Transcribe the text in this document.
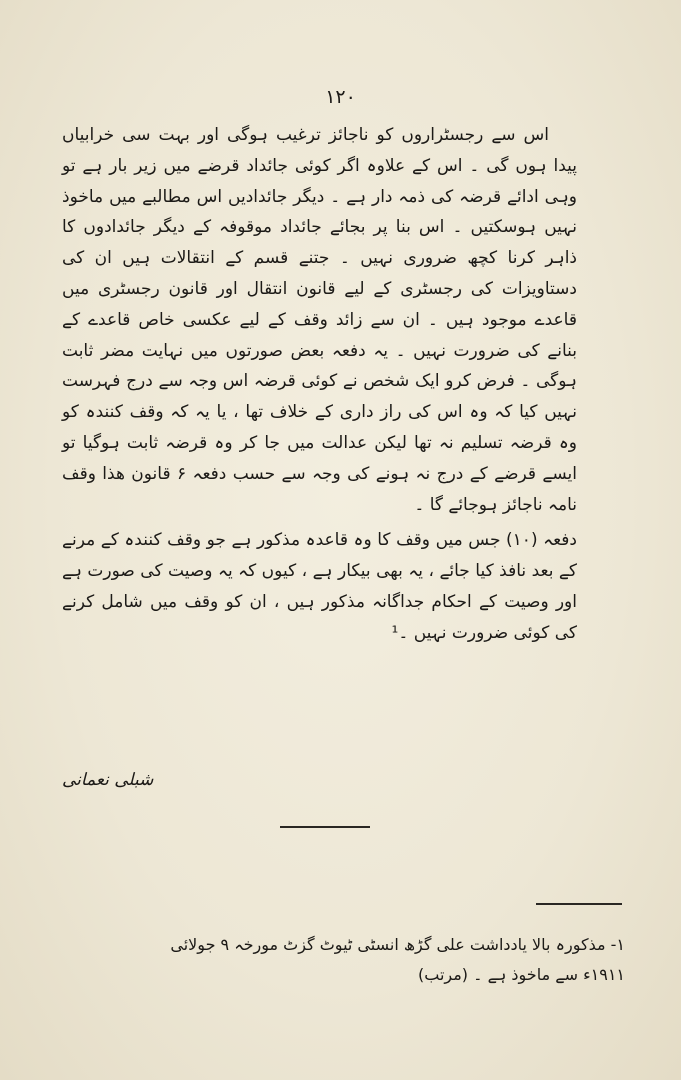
۱۲۰

اس سے رجسٹراروں کو ناجائز ترغیب ہوگی اور بہت سی خرابیاں پیدا ہوں گی ۔ اس کے علاوہ اگر کوئی جائداد قرضے میں زیر بار ہے تو وہی ادائے قرضہ کی ذمہ دار ہے ۔ دیگر جائدادیں اس مطالبے میں ماخوذ نہیں ہوسکتیں ۔ اس بنا پر بجائے جائداد موقوفہ کے دیگر جائدادوں کا ذاہر کرنا کچھ ضروری نہیں ۔ جتنے قسم کے انتقالات ہیں ان کی دستاویزات کی رجسٹری کے لیے قانون انتقال اور قانون رجسٹری میں قاعدے موجود ہیں ۔ ان سے زائد وقف کے لیے عکسی خاص قاعدے کے بنانے کی ضرورت نہیں ۔ یہ دفعہ بعض صورتوں میں نہایت مضر ثابت ہوگی ۔ فرض کرو ایک شخص نے کوئی قرضہ اس وجہ سے درج فہرست نہیں کیا کہ وہ اس کی راز داری کے خلاف تھا ، یا یہ کہ وقف کنندہ کو وہ قرضہ تسلیم نہ تھا لیکن عدالت میں جا کر وہ قرضہ ثابت ہوگیا تو ایسے قرضے کے درج نہ ہونے کی وجہ سے حسب دفعہ ۶ قانون ھذا وقف نامہ ناجائز ہوجائے گا ۔

دفعہ (۱۰) جس میں وقف کا وہ قاعدہ مذکور ہے جو وقف کنندہ کے مرنے کے بعد نافذ کیا جائے ، یہ بھی بیکار ہے ، کیوں کہ یہ وصیت کی صورت ہے اور وصیت کے احکام جداگانہ مذکور ہیں ، ان کو وقف میں شامل کرنے کی کوئی ضرورت نہیں ۔¹

شبلی نعمانی

۱- مذکورہ بالا یادداشت علی گڑھ انسٹی ٹیوٹ گزٹ مورخہ ۹ جولائی

۱۹۱۱ء سے ماخوذ ہے ۔ (مرتب)
